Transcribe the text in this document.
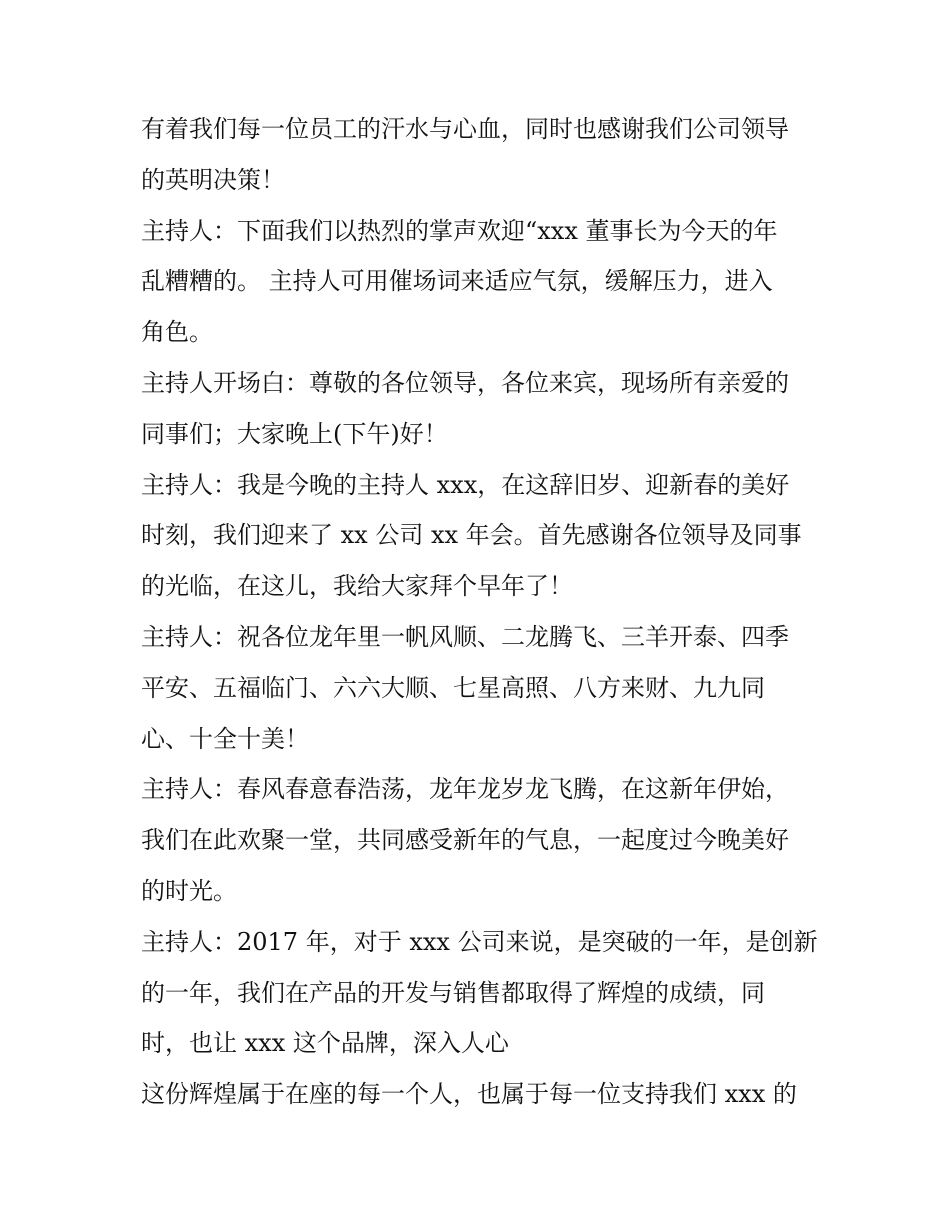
有着我们每一位员工的汗水与心血，同时也感谢我们公司领导
的英明决策！
主持人：下面我们以热烈的掌声欢迎“xxx 董事长为今天的年
乱糟糟的。 主持人可用催场词来适应气氛，缓解压力，进入
角色。
主持人开场白：尊敬的各位领导，各位来宾，现场所有亲爱的
同事们；大家晚上(下午)好！
主持人：我是今晚的主持人 xxx，在这辞旧岁、迎新春的美好
时刻，我们迎来了 xx 公司 xx 年会。首先感谢各位领导及同事
的光临，在这儿，我给大家拜个早年了！
主持人：祝各位龙年里一帆风顺、二龙腾飞、三羊开泰、四季
平安、五福临门、六六大顺、七星高照、八方来财、九九同
心、十全十美！
主持人：春风春意春浩荡，龙年龙岁龙飞腾，在这新年伊始，
我们在此欢聚一堂，共同感受新年的气息，一起度过今晚美好
的时光。
主持人：2017 年，对于 xxx 公司来说，是突破的一年，是创新
的一年，我们在产品的开发与销售都取得了辉煌的成绩，同
时，也让 xxx 这个品牌，深入人心
这份辉煌属于在座的每一个人，也属于每一位支持我们 xxx 的
